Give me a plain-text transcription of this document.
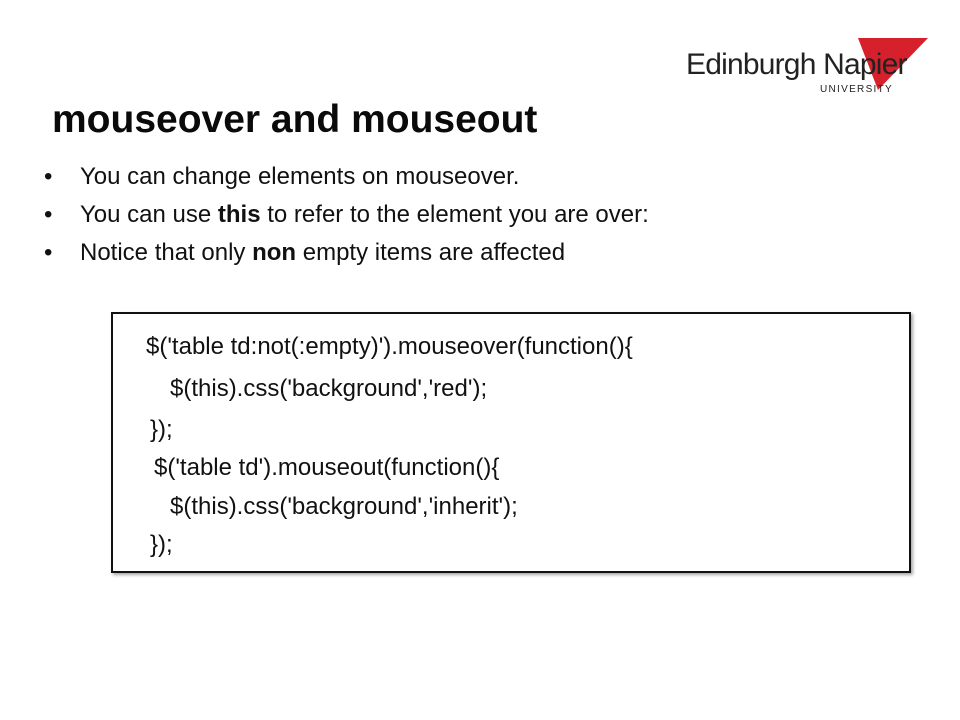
Edinburgh Napier
UNIVERSITY
mouseover and mouseout
• You can change elements on mouseover.
• You can use this to refer to the element you are over:
• Notice that only non empty items are affected
$('table td:not(:empty)').mouseover(function(){
$(this).css('background','red');
});
$('table td').mouseout(function(){
$(this).css('background','inherit');
});
